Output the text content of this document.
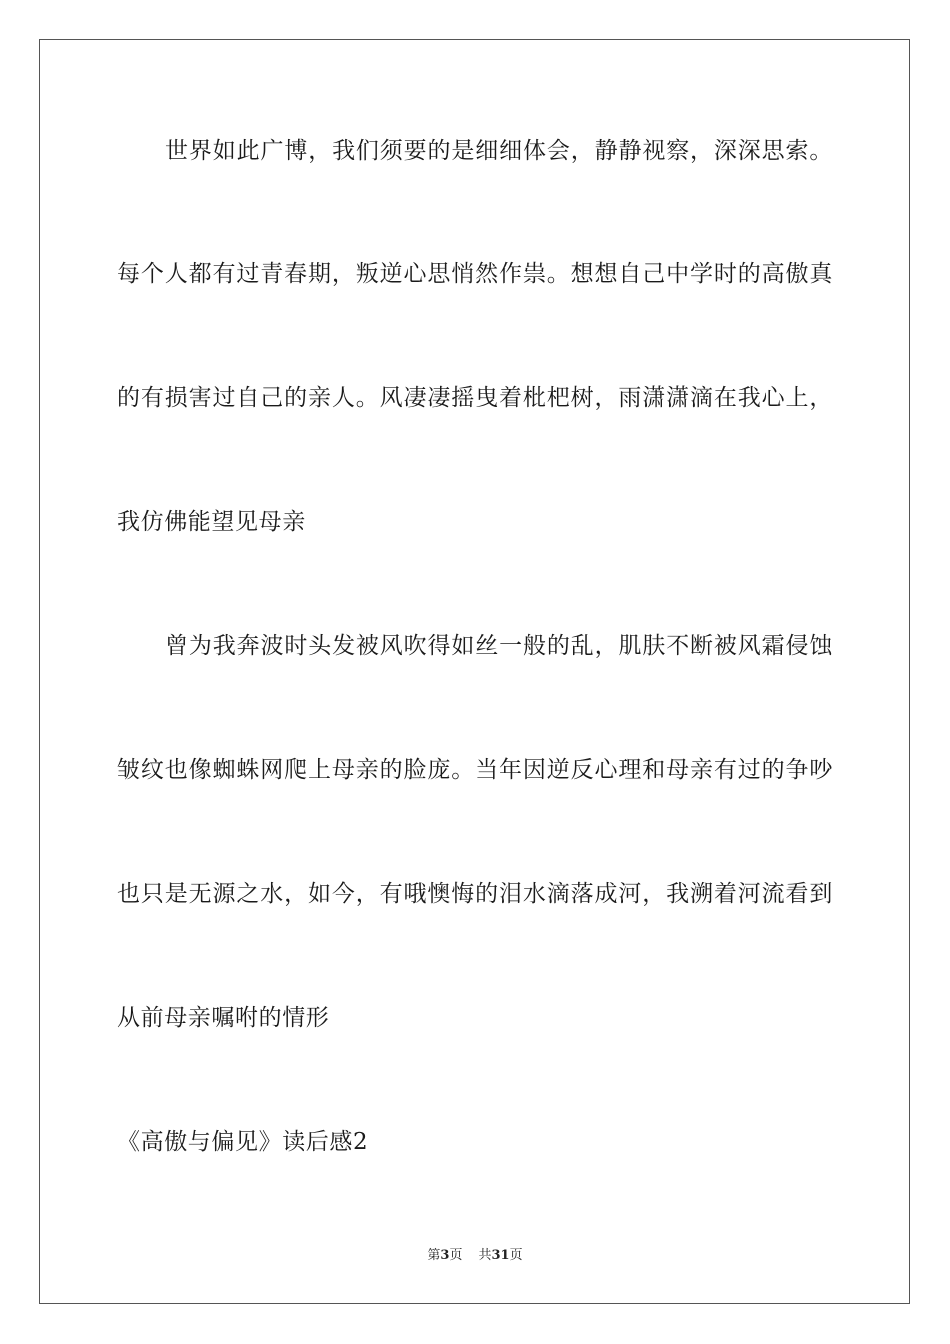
世界如此广博，我们须要的是细细体会，静静视察，深深思索。
每个人都有过青春期，叛逆心思悄然作祟。想想自己中学时的高傲真
的有损害过自己的亲人。风凄凄摇曳着枇杷树，雨潇潇滴在我心上，
我仿佛能望见母亲
曾为我奔波时头发被风吹得如丝一般的乱，肌肤不断被风霜侵蚀
皱纹也像蜘蛛网爬上母亲的脸庞。当年因逆反心理和母亲有过的争吵
也只是无源之水，如今，有哦懊悔的泪水滴落成河，我溯着河流看到
从前母亲嘱咐的情形
《高傲与偏见》读后感2
第3页 共31页
